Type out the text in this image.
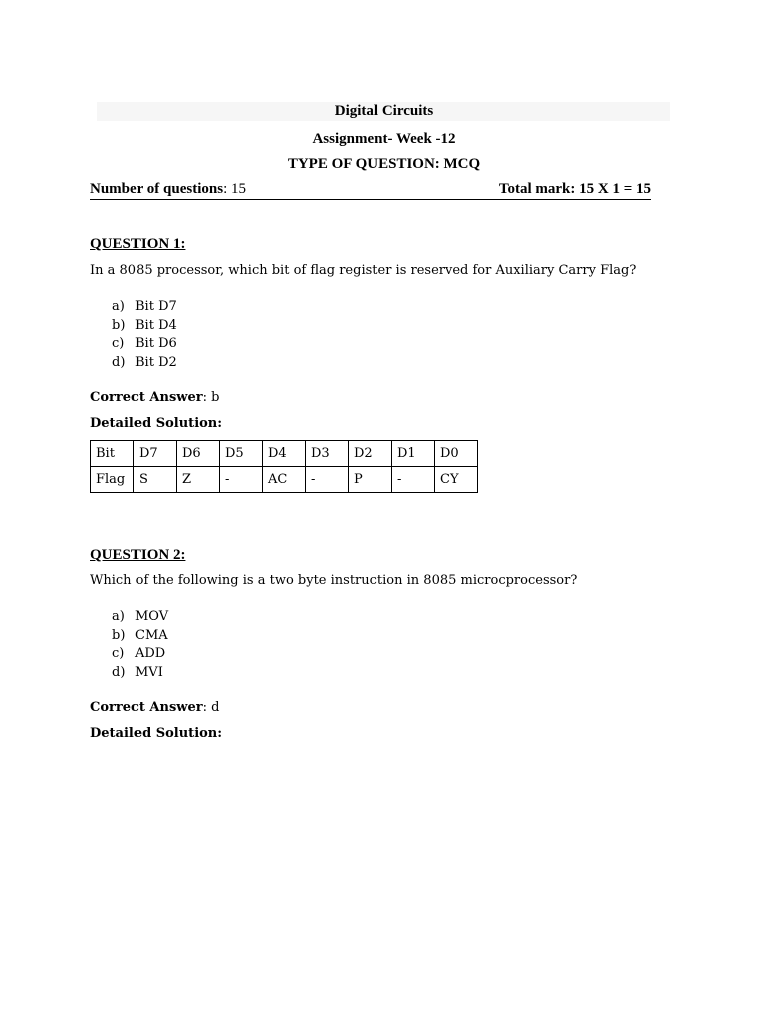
Digital Circuits
Assignment- Week -12
TYPE OF QUESTION: MCQ
Number of questions: 15	Total mark: 15 X 1 = 15
QUESTION 1:
In a 8085 processor, which bit of flag register is reserved for Auxiliary Carry Flag?
a) Bit D7
b) Bit D4
c) Bit D6
d) Bit D2
Correct Answer: b
Detailed Solution:
Bit	D7	D6	D5	D4	D3	D2	D1	D0
Flag	S	Z	-	AC	-	P	-	CY
QUESTION 2:
Which of the following is a two byte instruction in 8085 microcprocessor?
a) MOV
b) CMA
c) ADD
d) MVI
Correct Answer: d
Detailed Solution:
